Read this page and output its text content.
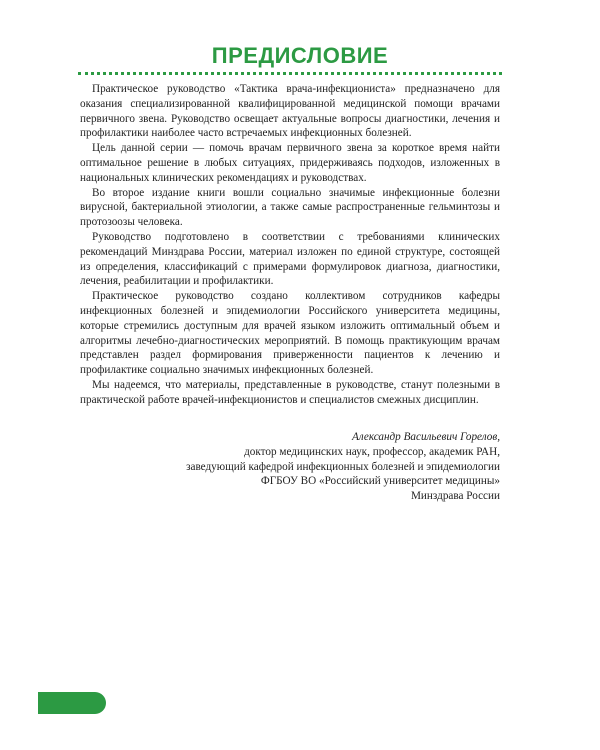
ПРЕДИСЛОВИЕ

Практическое руководство «Тактика врача-инфекциониста» предназначено для оказания специализированной квалифицированной медицинской помощи врачами первичного звена. Руководство освещает актуальные вопросы диагностики, лечения и профилактики наиболее часто встречаемых инфекционных болезней.

Цель данной серии — помочь врачам первичного звена за короткое время найти оптимальное решение в любых ситуациях, придерживаясь подходов, изложенных в национальных клинических рекомендациях и руководствах.

Во второе издание книги вошли социально значимые инфекционные болезни вирусной, бактериальной этиологии, а также самые распространенные гельминтозы и протозоозы человека.

Руководство подготовлено в соответствии с требованиями клинических рекомендаций Минздрава России, материал изложен по единой структуре, состоящей из определения, классификаций с примерами формулировок диагноза, диагностики, лечения, реабилитации и профилактики.

Практическое руководство создано коллективом сотрудников кафедры инфекционных болезней и эпидемиологии Российского университета медицины, которые стремились доступным для врачей языком изложить оптимальный объем и алгоритмы лечебно-диагностических мероприятий. В помощь практикующим врачам представлен раздел формирования приверженности пациентов к лечению и профилактике социально значимых инфекционных болезней.

Мы надеемся, что материалы, представленные в руководстве, станут полезными в практической работе врачей-инфекционистов и специалистов смежных дисциплин.

Александр Васильевич Горелов,
доктор медицинских наук, профессор, академик РАН,
заведующий кафедрой инфекционных болезней и эпидемиологии
ФГБОУ ВО «Российский университет медицины»
Минздрава России
6
